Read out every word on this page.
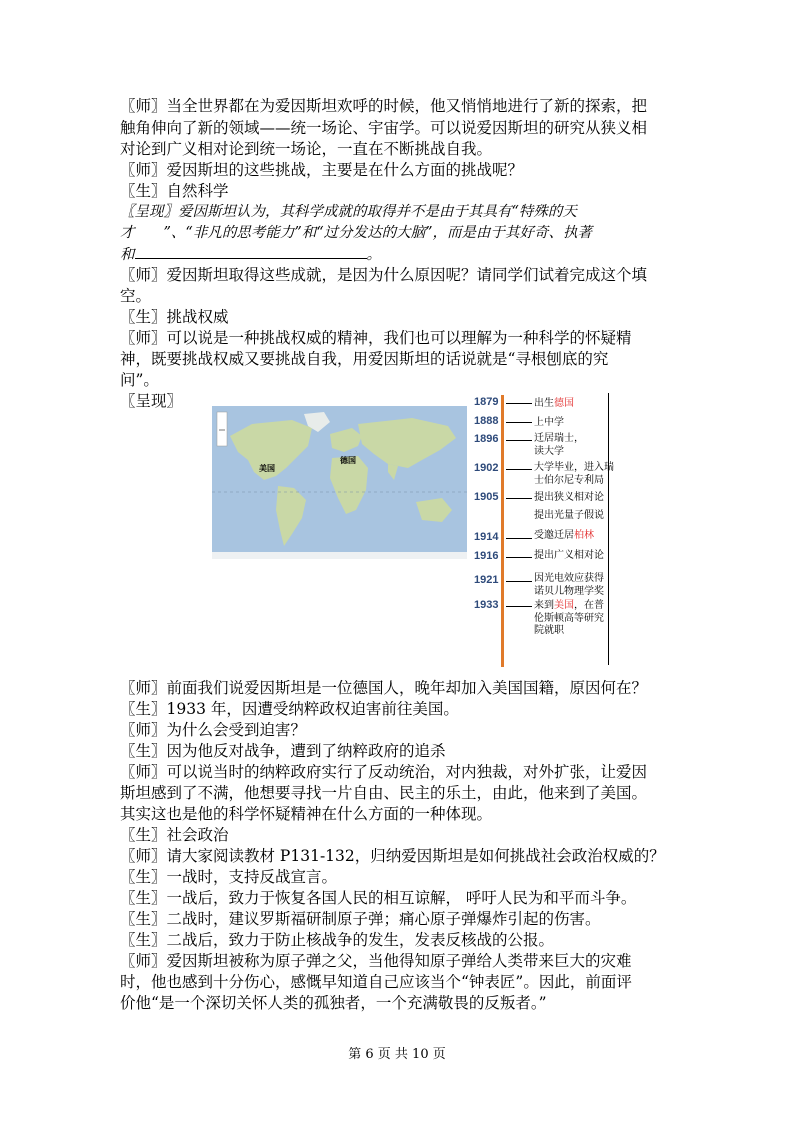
〖师〗当全世界都在为爱因斯坦欢呼的时候，他又悄悄地进行了新的探索，把
触角伸向了新的领域——统一场论、宇宙学。可以说爱因斯坦的研究从狭义相
对论到广义相对论到统一场论，一直在不断挑战自我。
〖师〗爱因斯坦的这些挑战，主要是在什么方面的挑战呢？
〖生〗自然科学
〖呈现〗爱因斯坦认为，其科学成就的取得并不是由于其具有“特殊的天
才　　”、“非凡的思考能力”和“过分发达的大脑”，而是由于其好奇、执著
和	。
〖师〗爱因斯坦取得这些成就，是因为什么原因呢？请同学们试着完成这个填
空。
〖生〗挑战权威
〖师〗可以说是一种挑战权威的精神，我们也可以理解为一种科学的怀疑精
神，既要挑战权威又要挑战自我，用爱因斯坦的话说就是“寻根刨底的究
问”。
〖呈现〗
美国
德国
1879	出生德国
1888	上中学
1896	迁居瑞士，
读大学
1902	大学毕业，进入瑞
士伯尔尼专利局
1905	提出狭义相对论
提出光量子假说
1914	受邀迁居柏林
1916	提出广义相对论
1921	因光电效应获得
诺贝儿物理学奖
1933	来到美国，在普
伦斯顿高等研究
院就职
〖师〗前面我们说爱因斯坦是一位德国人，晚年却加入美国国籍，原因何在？
〖生〗1933 年，因遭受纳粹政权迫害前往美国。
〖师〗为什么会受到迫害？
〖生〗因为他反对战争，遭到了纳粹政府的追杀
〖师〗可以说当时的纳粹政府实行了反动统治，对内独裁，对外扩张，让爱因
斯坦感到了不满，他想要寻找一片自由、民主的乐土，由此，他来到了美国。
其实这也是他的科学怀疑精神在什么方面的一种体现。
〖生〗社会政治
〖师〗请大家阅读教材 P131-132，归纳爱因斯坦是如何挑战社会政治权威的？
〖生〗一战时，支持反战宣言。
〖生〗一战后，致力于恢复各国人民的相互谅解， 呼吁人民为和平而斗争。
〖生〗二战时，建议罗斯福研制原子弹；痛心原子弹爆炸引起的伤害。
〖生〗二战后，致力于防止核战争的发生，发表反核战的公报。
〖师〗爱因斯坦被称为原子弹之父，当他得知原子弹给人类带来巨大的灾难
时，他也感到十分伤心，感慨早知道自己应该当个“钟表匠”。因此，前面评
价他“是一个深切关怀人类的孤独者，一个充满敬畏的反叛者。”
第 6 页 共 10 页
